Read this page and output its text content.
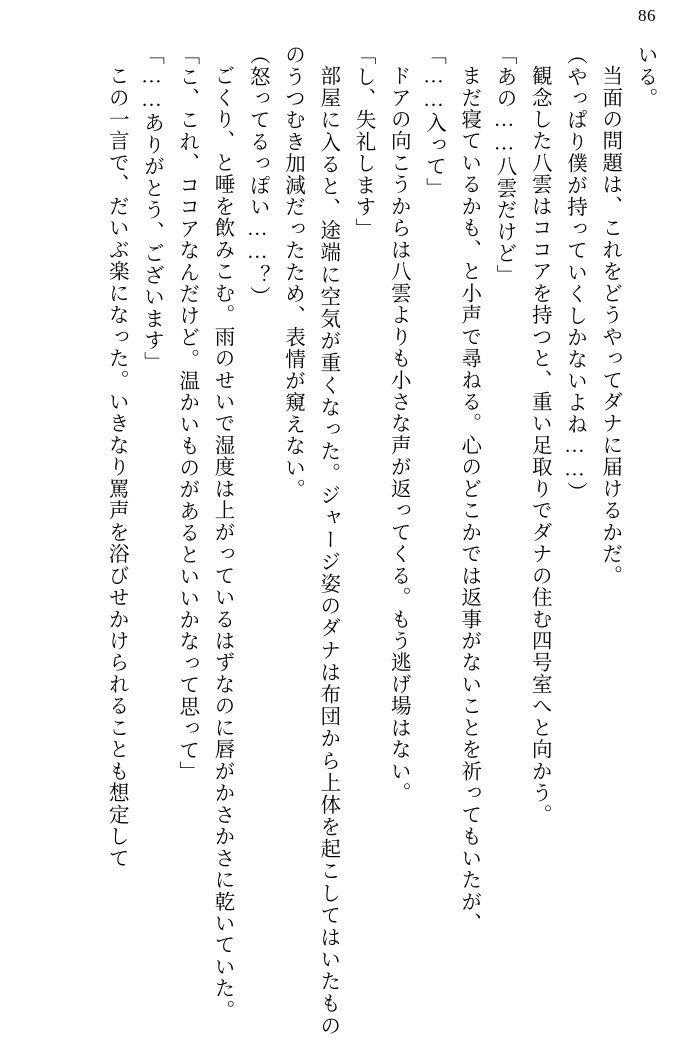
86

いる。

当面の問題は、これをどうやってダナに届けるかだ。

（やっぱり僕が持っていくしかないよね……）

観念した八雲はココアを持つと、重い足取りでダナの住む四号室へと向かう。

「あの……八雲だけど」

まだ寝ているかも、と小声で尋ねる。心のどこかでは返事がないことを祈ってもいたが、

「……入って」

ドアの向こうからは八雲よりも小さな声が返ってくる。もう逃げ場はない。

「し、失礼します」

部屋に入ると、途端に空気が重くなった。ジャージ姿のダナは布団から上体を起こしてはいたもののうつむき加減だったため、表情が窺えない。

（怒ってるっぽい……？）

ごくり、と唾を飲みこむ。雨のせいで湿度は上がっているはずなのに唇がかさかさに乾いていた。

「こ、これ、ココアなんだけど。温かいものがあるといいかなって思って」

「……ありがとう、ございます」

この一言で、だいぶ楽になった。いきなり罵声を浴びせかけられることも想定して
